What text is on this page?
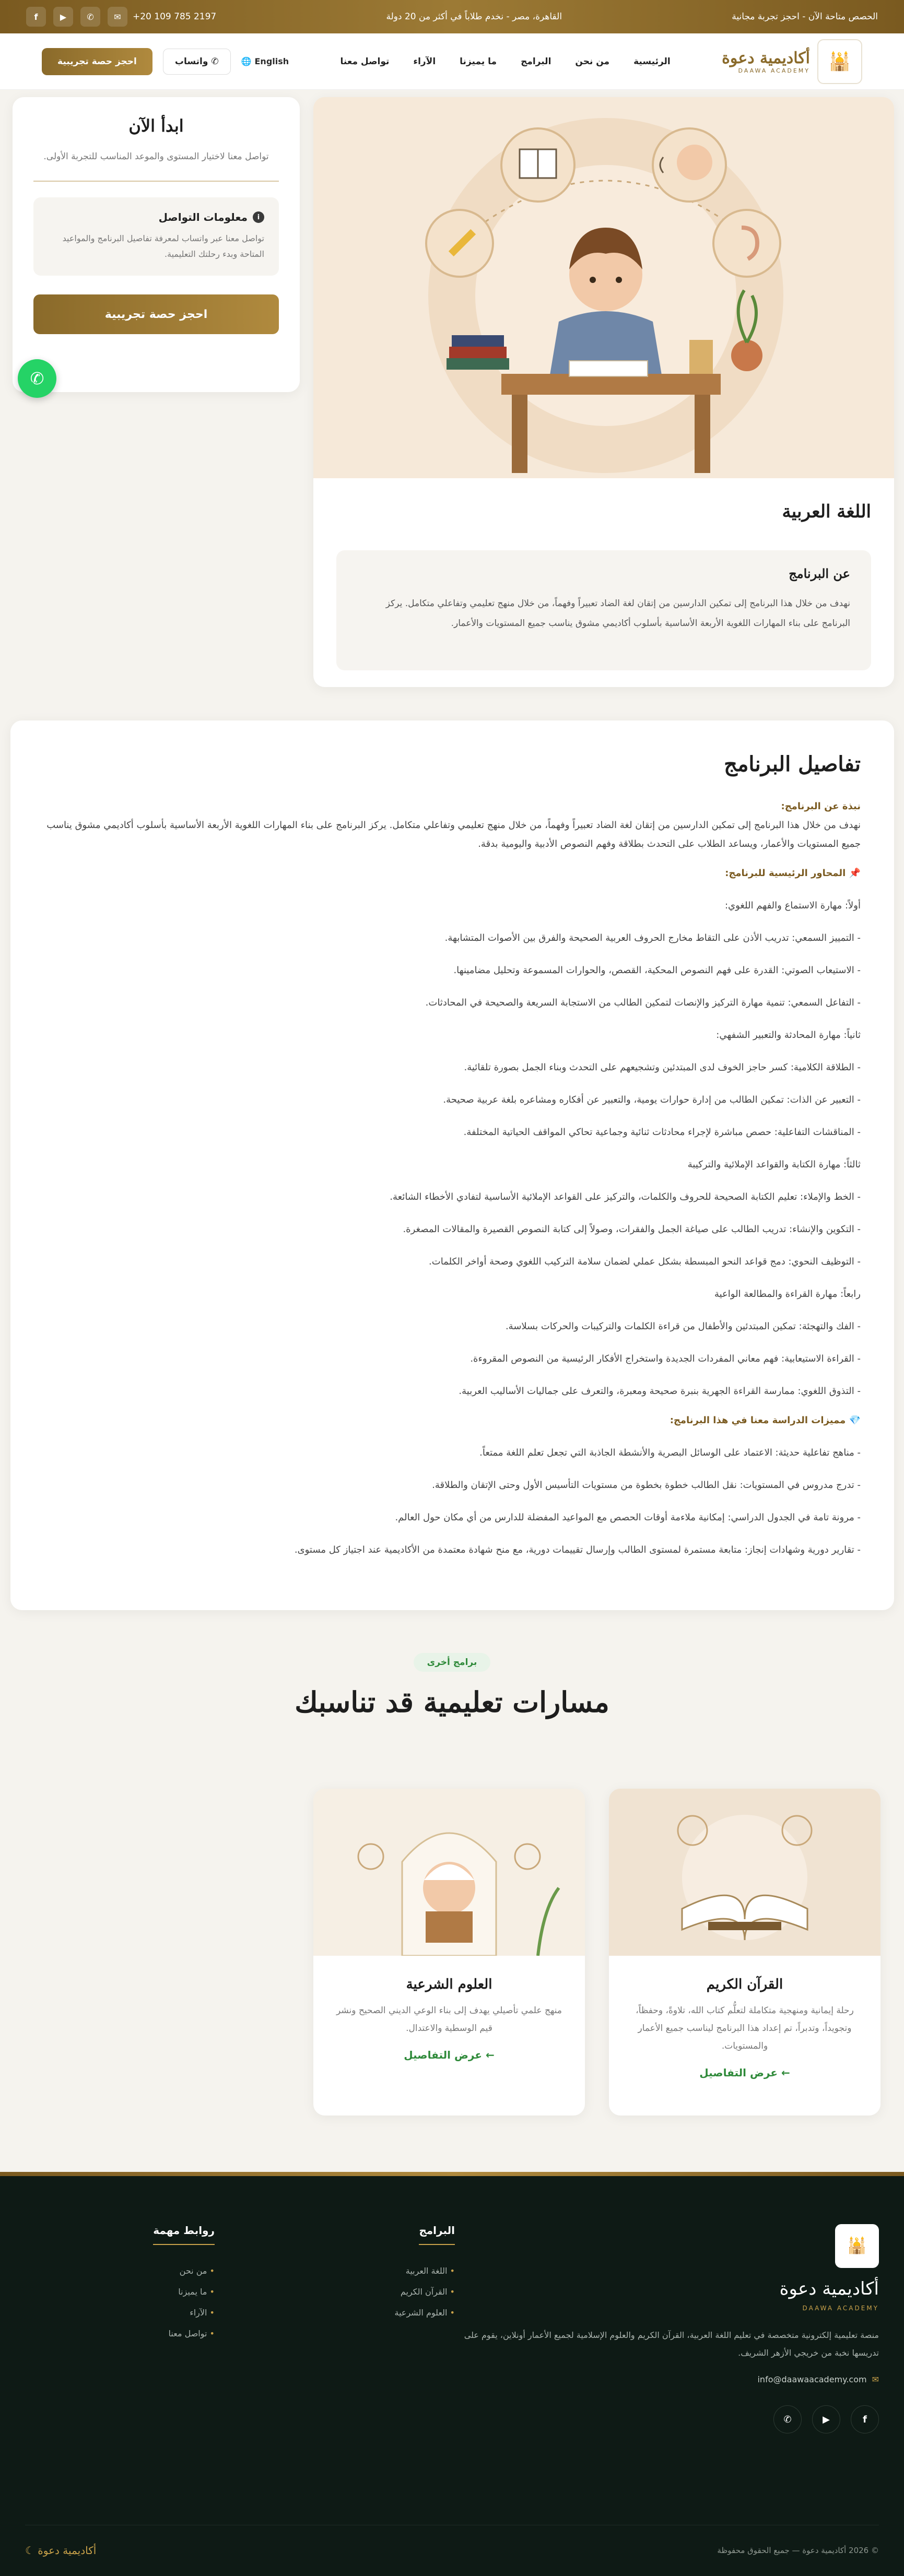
الحصص متاحة الآن - احجز تجربة مجانية
القاهرة، مصر - نخدم طلاباً في أكثر من 20 دولة
+20 109 785 2197
✉
✆
▶
f
🕌
أكاديمية دعوة
DAAWA ACADEMY
الرئيسية
من نحن
البرامج
ما يميزنا
الآراء
تواصل معنا
English
🌐
✆ واتساب
احجز حصة تجريبية
اللغة العربية
عن البرنامج

نهدف من خلال هذا البرنامج إلى تمكين الدارسين من إتقان لغة الضاد تعبيراً وفهماً، من خلال منهج تعليمي وتفاعلي متكامل. يركز البرنامج على بناء المهارات اللغوية الأربعة الأساسية بأسلوب أكاديمي مشوق يناسب جميع المستويات والأعمار.

ابدأ الآن

تواصل معنا لاختيار المستوى والموعد المناسب للتجربة الأولى.

i
معلومات التواصل

تواصل معنا عبر واتساب لمعرفة تفاصيل البرنامج والمواعيد المتاحة وبدء رحلتك التعليمية.

احجز حصة تجريبية
✆
تفاصيل البرنامج
نبذة عن البرنامج:
نهدف من خلال هذا البرنامج إلى تمكين الدارسين من إتقان لغة الضاد تعبيراً وفهماً، من خلال منهج تعليمي وتفاعلي متكامل. يركز البرنامج على بناء المهارات اللغوية الأربعة الأساسية بأسلوب أكاديمي مشوق يناسب جميع المستويات والأعمار، ويساعد الطلاب على التحدث بطلاقة وفهم النصوص الأدبية واليومية بدقة.
📌 المحاور الرئيسية للبرنامج:
أولاً: مهارة الاستماع والفهم اللغوي:
- التمييز السمعي: تدريب الأذن على التقاط مخارج الحروف العربية الصحيحة والفرق بين الأصوات المتشابهة.
- الاستيعاب الصوتي: القدرة على فهم النصوص المحكية، القصص، والحوارات المسموعة وتحليل مضامينها.
- التفاعل السمعي: تنمية مهارة التركيز والإنصات لتمكين الطالب من الاستجابة السريعة والصحيحة في المحادثات.
ثانياً: مهارة المحادثة والتعبير الشفهي:
- الطلاقة الكلامية: كسر حاجز الخوف لدى المبتدئين وتشجيعهم على التحدث وبناء الجمل بصورة تلقائية.
- التعبير عن الذات: تمكين الطالب من إدارة حوارات يومية، والتعبير عن أفكاره ومشاعره بلغة عربية صحيحة.
- المناقشات التفاعلية: حصص مباشرة لإجراء محادثات ثنائية وجماعية تحاكي المواقف الحياتية المختلفة.
ثالثاً: مهارة الكتابة والقواعد الإملائية والتركيبة
- الخط والإملاء: تعليم الكتابة الصحيحة للحروف والكلمات، والتركيز على القواعد الإملائية الأساسية لتفادي الأخطاء الشائعة.
- التكوين والإنشاء: تدريب الطالب على صياغة الجمل والفقرات، وصولاً إلى كتابة النصوص القصيرة والمقالات المصغرة.
- التوظيف النحوي: دمج قواعد النحو المبسطة بشكل عملي لضمان سلامة التركيب اللغوي وصحة أواخر الكلمات.
رابعاً: مهارة القراءة والمطالعة الواعية
- الفك والتهجئة: تمكين المبتدئين والأطفال من قراءة الكلمات والتركيبات والحركات بسلاسة.
- القراءة الاستيعابية: فهم معاني المفردات الجديدة واستخراج الأفكار الرئيسية من النصوص المقروءة.
- التذوق اللغوي: ممارسة القراءة الجهرية بنبرة صحيحة ومعبرة، والتعرف على جماليات الأساليب العربية.
💎 مميزات الدراسة معنا في هذا البرنامج:
- مناهج تفاعلية حديثة: الاعتماد على الوسائل البصرية والأنشطة الجاذبة التي تجعل تعلم اللغة ممتعاً.
- تدرج مدروس في المستويات: نقل الطالب خطوة بخطوة من مستويات التأسيس الأول وحتى الإتقان والطلاقة.
- مرونة تامة في الجدول الدراسي: إمكانية ملاءمة أوقات الحصص مع المواعيد المفضلة للدارس من أي مكان حول العالم.
- تقارير دورية وشهادات إنجاز: متابعة مستمرة لمستوى الطالب وإرسال تقييمات دورية، مع منح شهادة معتمدة من الأكاديمية عند اجتياز كل مستوى.
برامج أخرى
مسارات تعليمية قد تناسبك
القرآن الكريم

رحلة إيمانية ومنهجية متكاملة لتعلُّم كتاب الله، تلاوةً، وحفظاً، وتجويداً، وتدبراً، تم إعداد هذا البرنامج ليناسب جميع الأعمار والمستويات.

← عرض التفاصيل
العلوم الشرعية

منهج علمي تأصيلي يهدف إلى بناء الوعي الديني الصحيح ونشر قيم الوسطية والاعتدال.

← عرض التفاصيل
🕌
أكاديمية دعوة
DAAWA ACADEMY

منصة تعليمية إلكترونية متخصصة في تعليم اللغة العربية، القرآن الكريم والعلوم الإسلامية لجميع الأعمار أونلاين، يقوم على تدريسها نخبة من خريجي الأزهر الشريف.

✉
info@daawaacademy.com
f
▶
✆
البرامج
• اللغة العربية
• القرآن الكريم
• العلوم الشرعية
روابط مهمة
• من نحن
• ما يميزنا
• الآراء
• تواصل معنا
© 2026 أكاديمية دعوة — جميع الحقوق محفوظة
أكاديمية دعوة ☾
